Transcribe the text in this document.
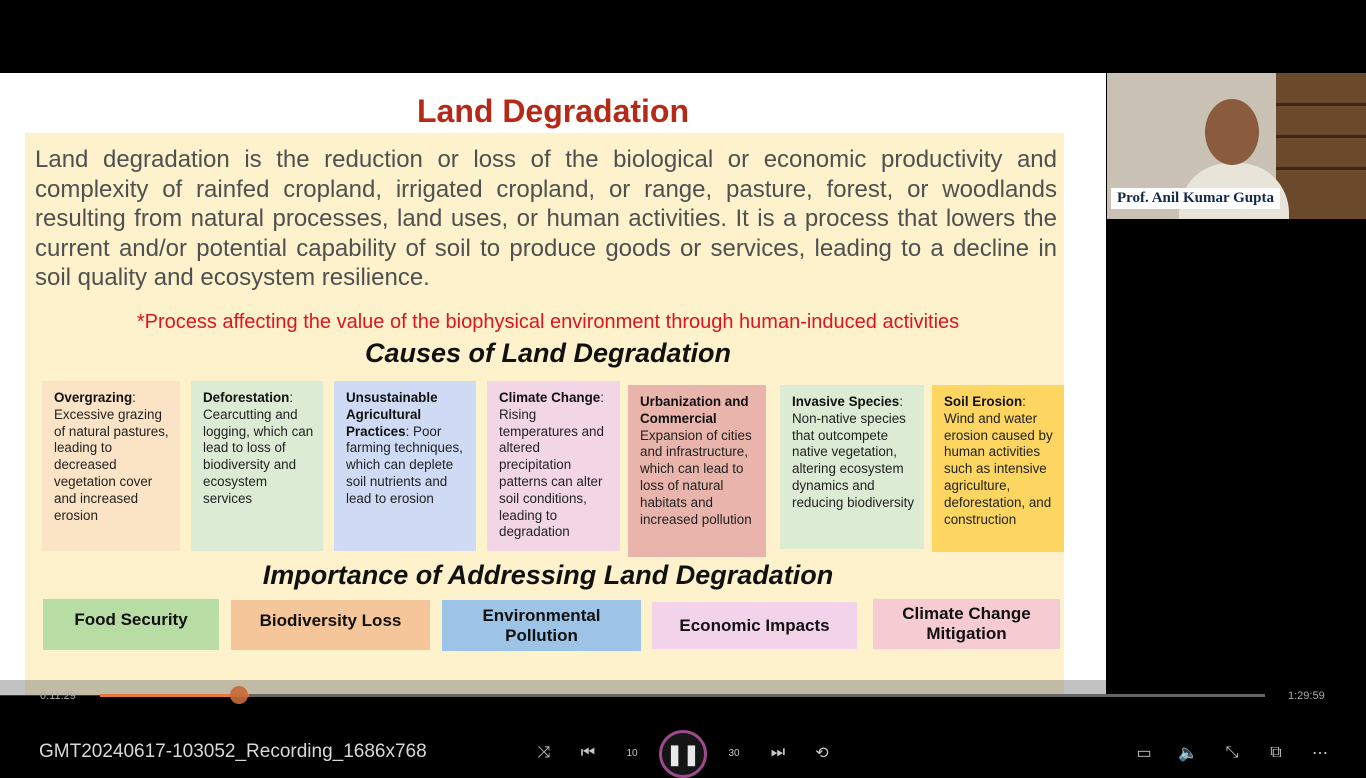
Land Degradation
Land degradation is the reduction or loss of the biological or economic productivity and complexity of rainfed cropland, irrigated cropland, or range, pasture, forest, or woodlands resulting from natural processes, land uses, or human activities. It is a process that lowers the current and/or potential capability of soil to produce goods or services, leading to a decline in soil quality and ecosystem resilience.
*Process affecting the value of the biophysical environment through human-induced activities
Causes of Land Degradation
Overgrazing:
Excessive grazing of natural pastures, leading to decreased vegetation cover and increased erosion
Deforestation:
Cearcutting and logging, which can lead to loss of biodiversity and ecosystem services
Unsustainable Agricultural Practices: Poor farming techniques, which can deplete soil nutrients and lead to erosion
Climate Change:
Rising temperatures and altered precipitation patterns can alter soil conditions, leading to degradation
Urbanization and Commercial
Expansion of cities and infrastructure, which can lead to loss of natural habitats and increased pollution
Invasive Species:
Non-native species that outcompete native vegetation, altering ecosystem dynamics and reducing biodiversity
Soil Erosion:
Wind and water erosion caused by human activities such as intensive agriculture, deforestation, and construction
Importance of Addressing Land Degradation
Food Security	Biodiversity Loss	Environmental Pollution
Economic Impacts
Climate Change Mitigation
Prof. Anil Kumar Gupta
0:11:29	1:29:59
GMT20240617-103052_Recording_1686x768	⤨ ⏮	10	❚❚	30 ⏭ ⟲	▭ 🔈 ⤡	⧉	⋯
